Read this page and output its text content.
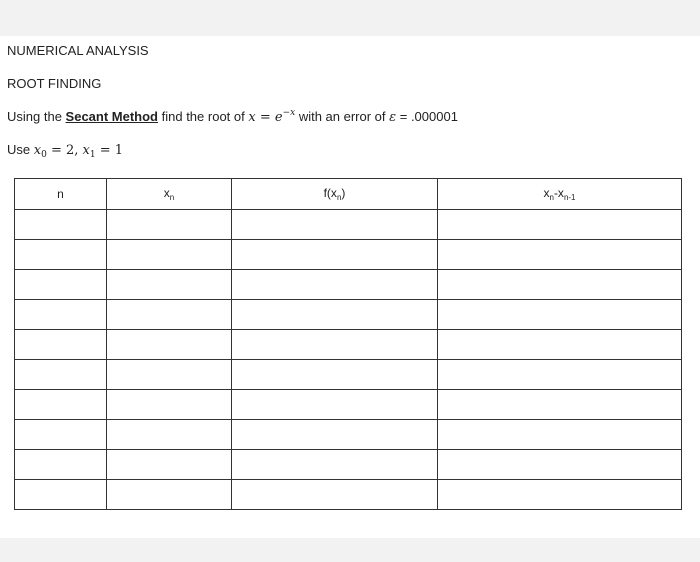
NUMERICAL ANALYSIS
ROOT FINDING
Using the Secant Method find the root of $x = e^{-x}$ with an error of ε = .000001
Use $x_0 = 2$, $x_1 = 1$
n	$x_n$	$f(x_n)$	$x_n-x_{n-1}$
